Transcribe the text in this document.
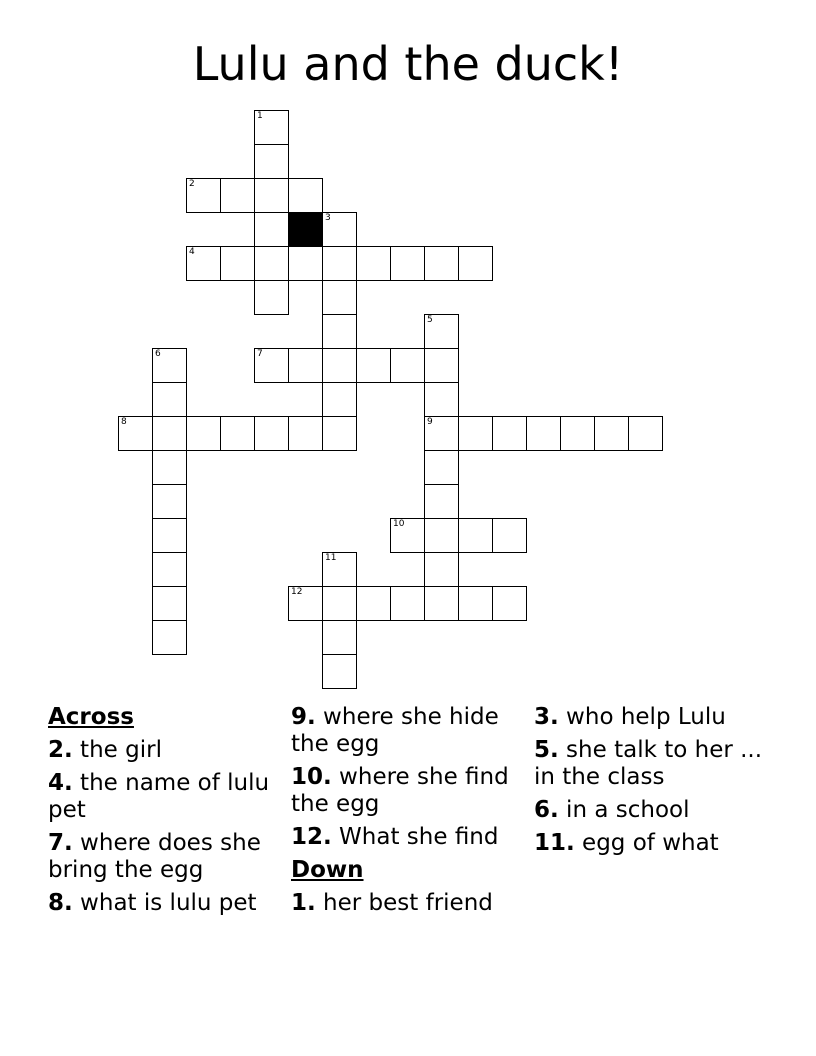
Lulu and the duck!
1
2
3
4
5
6	7
8	9
10
11
12
Across
2. the girl
4. the name of lulu pet
7. where does she bring the egg
8. what is lulu pet
9. where she hide the egg
10. where she find the egg
12. What she find
Down
1. her best friend
3. who help Lulu
5. she talk to her ... in the class
6. in a school
11. egg of what
